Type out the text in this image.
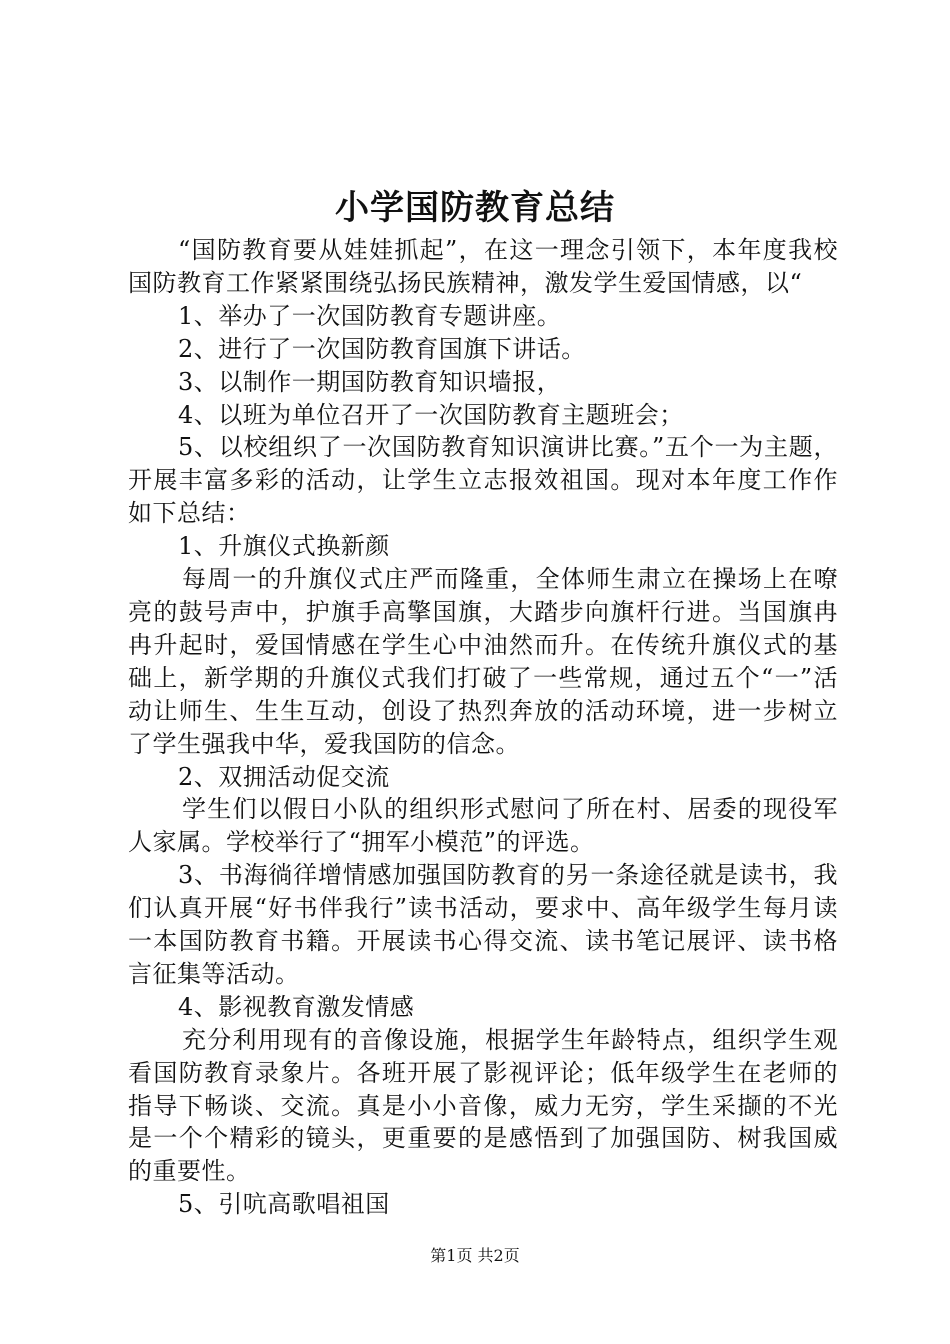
小学国防教育总结

“国防教育要从娃娃抓起”，在这一理念引领下，本年度我校国防教育工作紧紧围绕弘扬民族精神，激发学生爱国情感，以“

1、举办了一次国防教育专题讲座。

2、进行了一次国防教育国旗下讲话。

3、以制作一期国防教育知识墙报，

4、以班为单位召开了一次国防教育主题班会；

5、以校组织了一次国防教育知识演讲比赛。”五个一为主题，开展丰富多彩的活动，让学生立志报效祖国。现对本年度工作作如下总结：

1、升旗仪式换新颜

每周一的升旗仪式庄严而隆重，全体师生肃立在操场上在嘹亮的鼓号声中，护旗手高擎国旗，大踏步向旗杆行进。当国旗冉冉升起时，爱国情感在学生心中油然而升。在传统升旗仪式的基础上，新学期的升旗仪式我们打破了一些常规，通过五个“一”活动让师生、生生互动，创设了热烈奔放的活动环境，进一步树立了学生强我中华，爱我国防的信念。

2、双拥活动促交流

学生们以假日小队的组织形式慰问了所在村、居委的现役军人家属。学校举行了“拥军小模范”的评选。

3、书海徜徉增情感加强国防教育的另一条途径就是读书，我们认真开展“好书伴我行”读书活动，要求中、高年级学生每月读一本国防教育书籍。开展读书心得交流、读书笔记展评、读书格言征集等活动。

4、影视教育激发情感

充分利用现有的音像设施，根据学生年龄特点，组织学生观看国防教育录象片。各班开展了影视评论；低年级学生在老师的指导下畅谈、交流。真是小小音像，威力无穷，学生采撷的不光是一个个精彩的镜头，更重要的是感悟到了加强国防、树我国威的重要性。

5、引吭高歌唱祖国

第1页 共2页
